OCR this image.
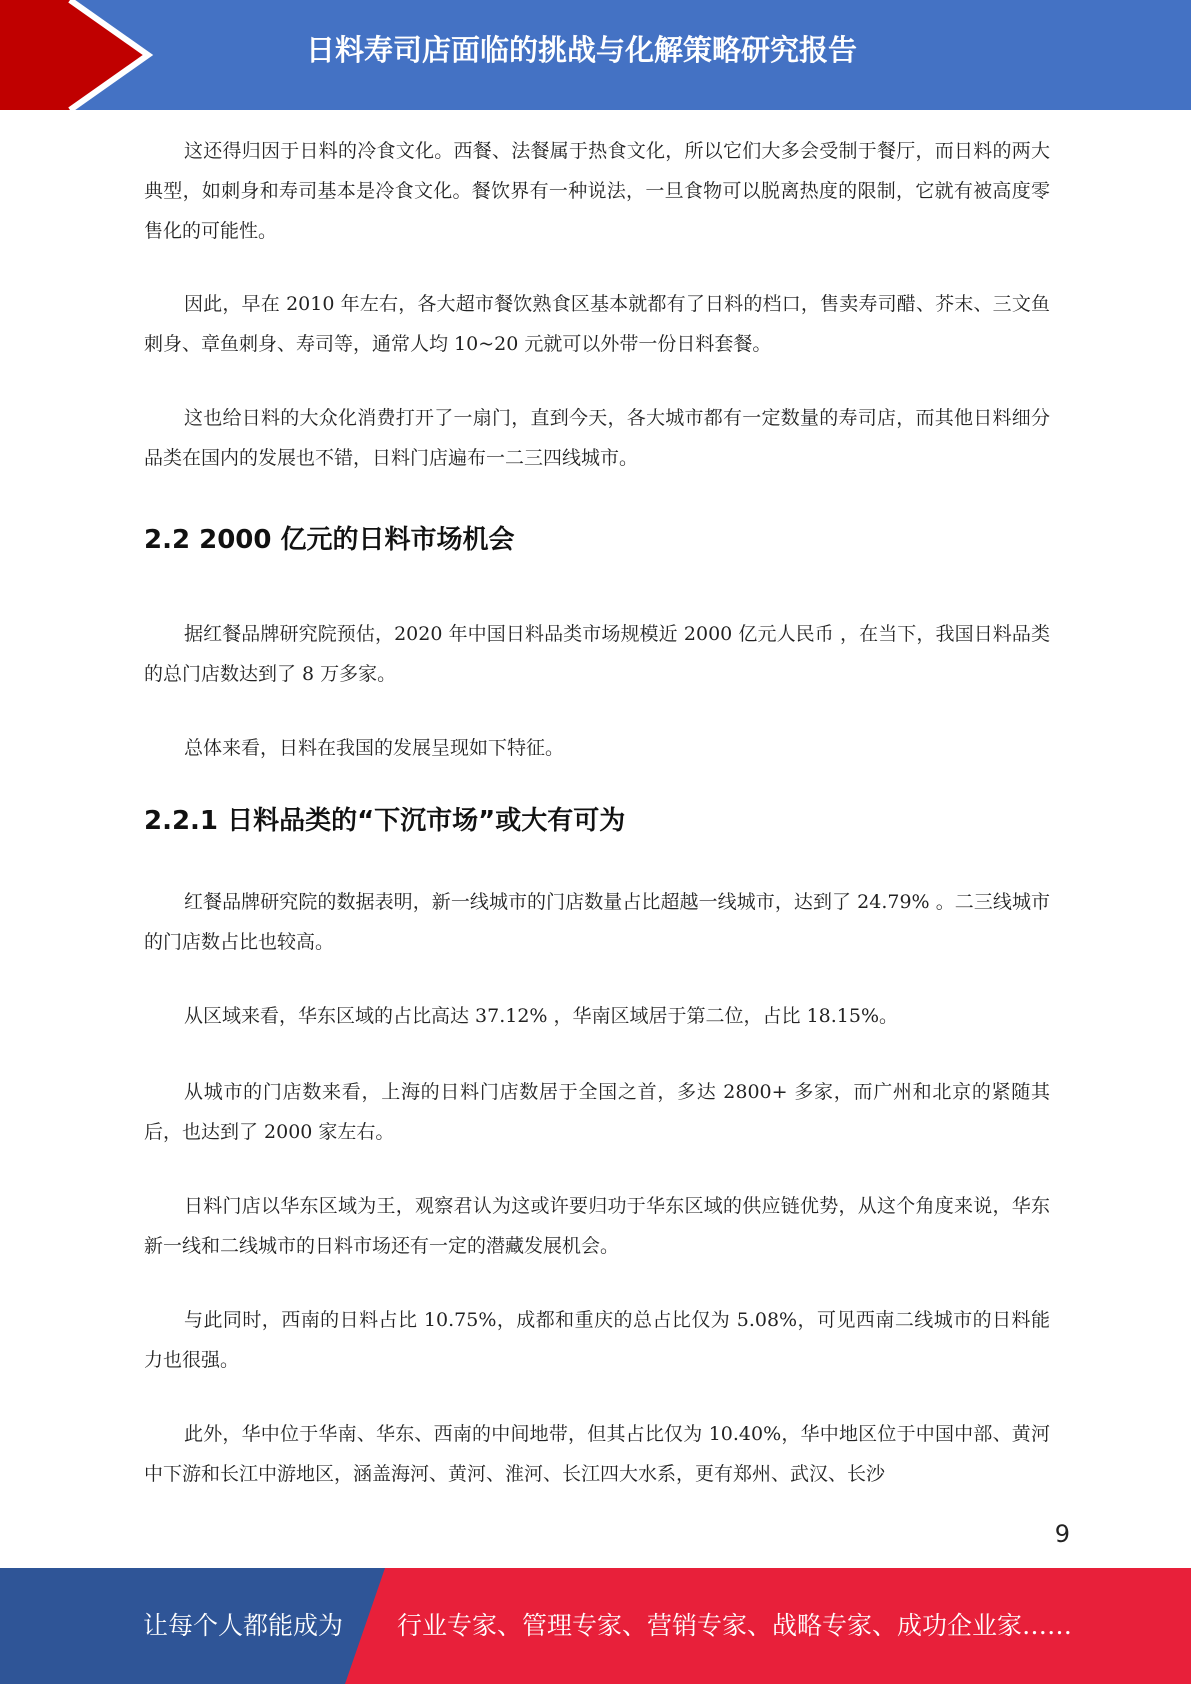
日料寿司店面临的挑战与化解策略研究报告

这还得归因于日料的冷食文化。西餐、法餐属于热食文化，所以它们大多会受制于餐厅，而日料的两大典型，如刺身和寿司基本是冷食文化。餐饮界有一种说法，一旦食物可以脱离热度的限制，它就有被高度零售化的可能性。

因此，早在 2010 年左右，各大超市餐饮熟食区基本就都有了日料的档口，售卖寿司醋、芥末、三文鱼刺身、章鱼刺身、寿司等，通常人均 10~20 元就可以外带一份日料套餐。

这也给日料的大众化消费打开了一扇门，直到今天，各大城市都有一定数量的寿司店，而其他日料细分品类在国内的发展也不错，日料门店遍布一二三四线城市。

2.2 2000 亿元的日料市场机会

据红餐品牌研究院预估，2020 年中国日料品类市场规模近 2000 亿元人民币 ，在当下，我国日料品类的总门店数达到了 8 万多家。

总体来看，日料在我国的发展呈现如下特征。

2.2.1 日料品类的“下沉市场”或大有可为

红餐品牌研究院的数据表明，新一线城市的门店数量占比超越一线城市，达到了 24.79% 。二三线城市的门店数占比也较高。

从区域来看，华东区域的占比高达 37.12% ，华南区域居于第二位，占比 18.15%。

从城市的门店数来看，上海的日料门店数居于全国之首，多达 2800+ 多家，而广州和北京的紧随其后，也达到了 2000 家左右。

日料门店以华东区域为王，观察君认为这或许要归功于华东区域的供应链优势，从这个角度来说，华东新一线和二线城市的日料市场还有一定的潜藏发展机会。

与此同时，西南的日料占比 10.75%，成都和重庆的总占比仅为 5.08%，可见西南二线城市的日料能力也很强。

此外，华中位于华南、华东、西南的中间地带，但其占比仅为 10.40%，华中地区位于中国中部、黄河中下游和长江中游地区，涵盖海河、黄河、淮河、长江四大水系，更有郑州、武汉、长沙

9
让每个人都能成为 行业专家、管理专家、营销专家、战略专家、成功企业家……
